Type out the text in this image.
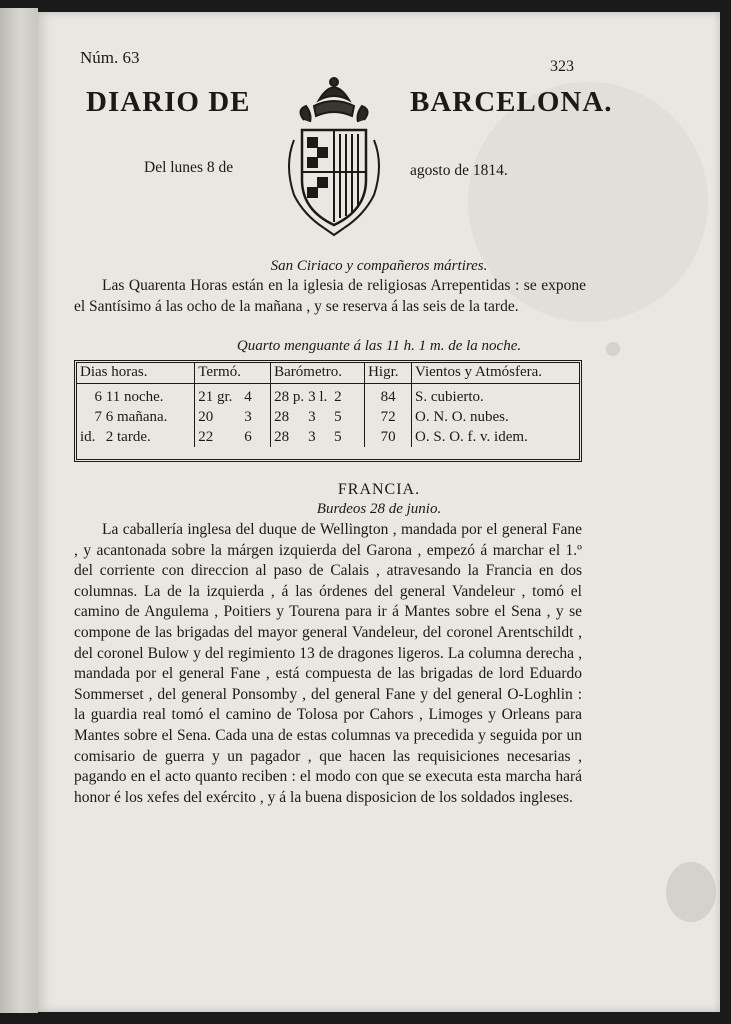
Núm. 63	323
DIARIO DE	BARCELONA.
Del lunes 8 de	agosto de 1814.
San Ciriaco y compañeros mártires.

Las Quarenta Horas están en la iglesia de religiosas Arrepentidas : se expone el Santísimo á las ocho de la mañana , y se reserva á las seis de la tarde.

Quarto menguante á las 11 h. 1 m. de la noche.
Dias horas.	Termó.	Barómetro.	Higr.	Vientos y Atmósfera.
6 11 noche.	21 gr. 4	28 p. 3 l. 2	84	S. cubierto.
7 6 mañana.	20 3	28 3 5	72	O. N. O. nubes.
id. 2 tarde.	22 6	28 3 5	70	O. S. O. f. v. idem.
FRANCIA.
Burdeos 28 de junio.

La caballería inglesa del duque de Wellington , mandada por el general Fane , y acantonada sobre la márgen izquierda del Garona , empezó á marchar el 1.º del corriente con direccion al paso de Calais , atravesando la Francia en dos columnas. La de la izquierda , á las órdenes del general Vandeleur , tomó el camino de Angulema , Poitiers y Tourena para ir á Mantes sobre el Sena , y se compone de las brigadas del mayor general Vandeleur, del coronel Arentschildt , del coronel Bulow y del regimiento 13 de dragones ligeros. La columna derecha , mandada por el general Fane , está compuesta de las brigadas de lord Eduardo Sommerset , del general Ponsomby , del general Fane y del general O-Loghlin : la guardia real tomó el camino de Tolosa por Cahors , Limoges y Orleans para Mantes sobre el Sena. Cada una de estas columnas va precedida y seguida por un comisario de guerra y un pagador , que hacen las requisiciones necesarias , pagando en el acto quanto reciben : el modo con que se executa esta marcha hará honor é los xefes del exército , y á la buena disposicion de los soldados ingleses.
